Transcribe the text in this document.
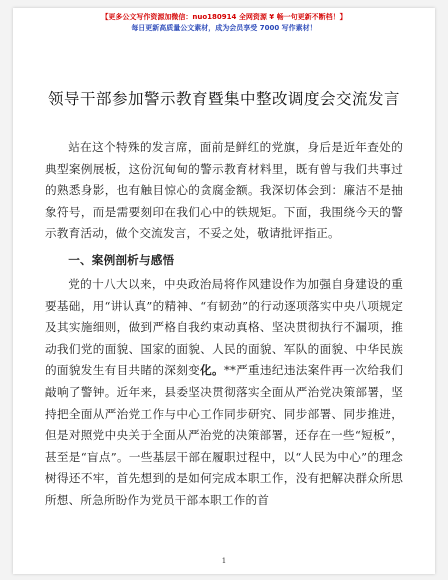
【更多公文写作资源加微信：nuo180914 全网资源 ¥ 畅一句更新不断档！】
每日更新高质量公文素材，成为会员享受 7000 写作素材！
领导干部参加警示教育暨集中整改调度会交流发言

站在这个特殊的发言席，面前是鲜红的党旗，身后是近年查处的典型案例展板，这份沉甸甸的警示教育材料里，既有曾与我们共事过的熟悉身影，也有触目惊心的贪腐金额。我深切体会到：廉洁不是抽象符号，而是需要刻印在我们心中的铁规矩。下面，我围绕今天的警示教育活动，做个交流发言，不妥之处，敬请批评指正。

一、案例剖析与感悟

党的十八大以来，中央政治局将作风建设作为加强自身建设的重要基础，用“讲认真”的精神、“有韧劲”的行动逐项落实中央八项规定及其实施细则，做到严格自我约束动真格、坚决贯彻执行不漏项，推动我们党的面貌、国家的面貌、人民的面貌、军队的面貌、中华民族的面貌发生有目共睹的深刻变化。**严重违纪违法案件再一次给我们敲响了警钟。近年来，县委坚决贯彻落实全面从严治党决策部署，坚持把全面从严治党工作与中心工作同步研究、同步部署、同步推进，但是对照党中央关于全面从严治党的决策部署，还存在一些“短板”，甚至是“盲点”。一些基层干部在履职过程中，以“人民为中心”的理念树得还不牢，首先想到的是如何完成本职工作，没有把解决群众所思所想、所急所盼作为党员干部本职工作的首

1
